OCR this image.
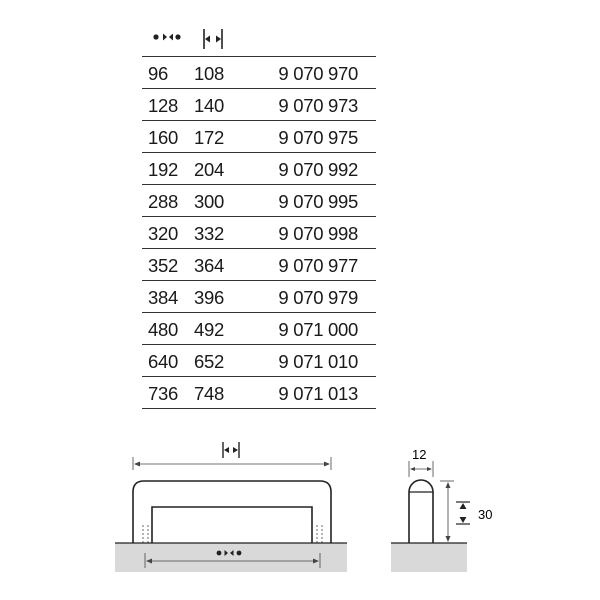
96 108	9 070 970
128 140	9 070 973
160 172	9 070 975
192 204	9 070 992
288 300	9 070 995
320 332	9 070 998
352 364	9 070 977
384 396	9 070 979
480 492	9 071 000
640 652	9 071 010
736 748	9 071 013
12
30
